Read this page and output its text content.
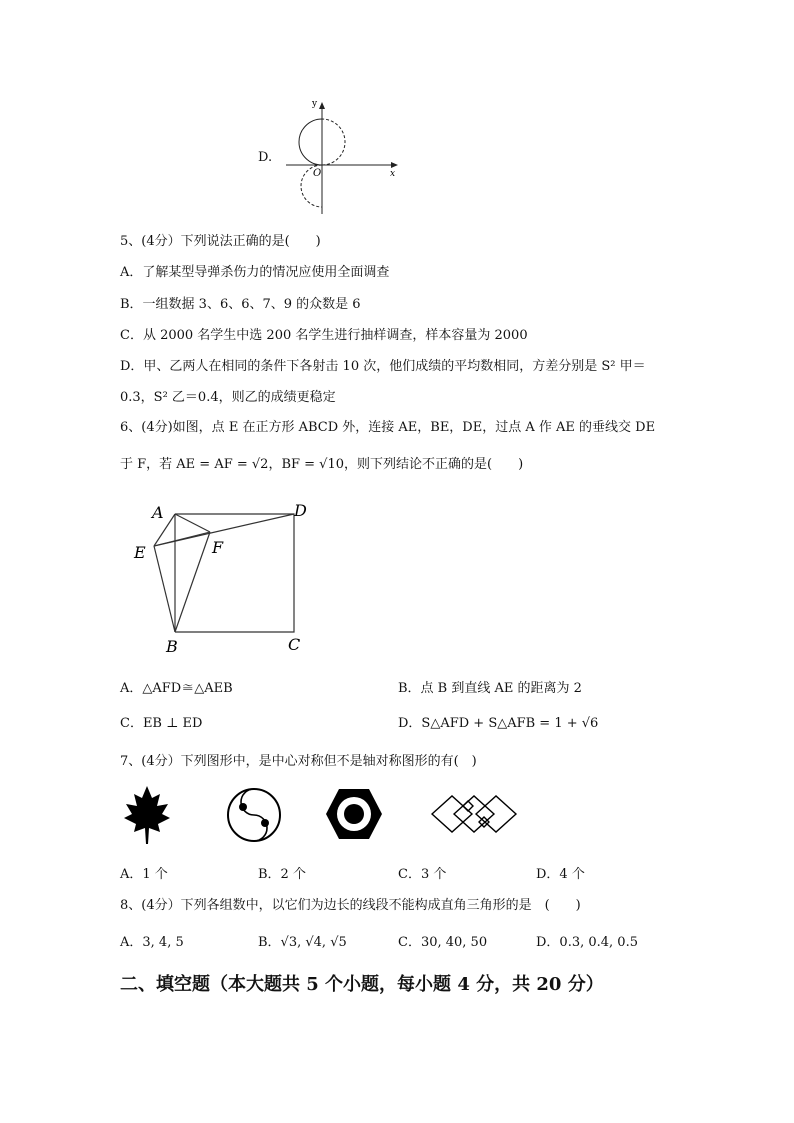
D.
y
x
O
5、(4分）下列说法正确的是(　　)
A．了解某型导弹杀伤力的情况应使用全面调查
B．一组数据 3、6、6、7、9 的众数是 6
C．从 2000 名学生中选 200 名学生进行抽样调查，样本容量为 2000
D．甲、乙两人在相同的条件下各射击 10 次，他们成绩的平均数相同，方差分别是 S² 甲＝
0.3，S² 乙＝0.4，则乙的成绩更稳定
6、(4分)如图，点 E 在正方形 ABCD 外，连接 AE，BE，DE，过点 A 作 AE 的垂线交 DE
于 F，若 AE = AF = √2，BF = √10，则下列结论不正确的是(　　)
A	D
E	F
B	C
A．△AFD≅△AEB	B．点 B 到直线 AE 的距离为 2
C．EB ⊥ ED	D．S△AFD + S△AFB = 1 + √6
7、(4分）下列图形中，是中心对称但不是轴对称图形的有(　)
A．1 个	B．2 个	C．3 个	D．4 个
8、(4分）下列各组数中，以它们为边长的线段不能构成直角三角形的是　(　　)
A．3, 4, 5	B．√3, √4, √5	C．30, 40, 50	D．0.3, 0.4, 0.5
二、填空题（本大题共 5 个小题，每小题 4 分，共 20 分）
